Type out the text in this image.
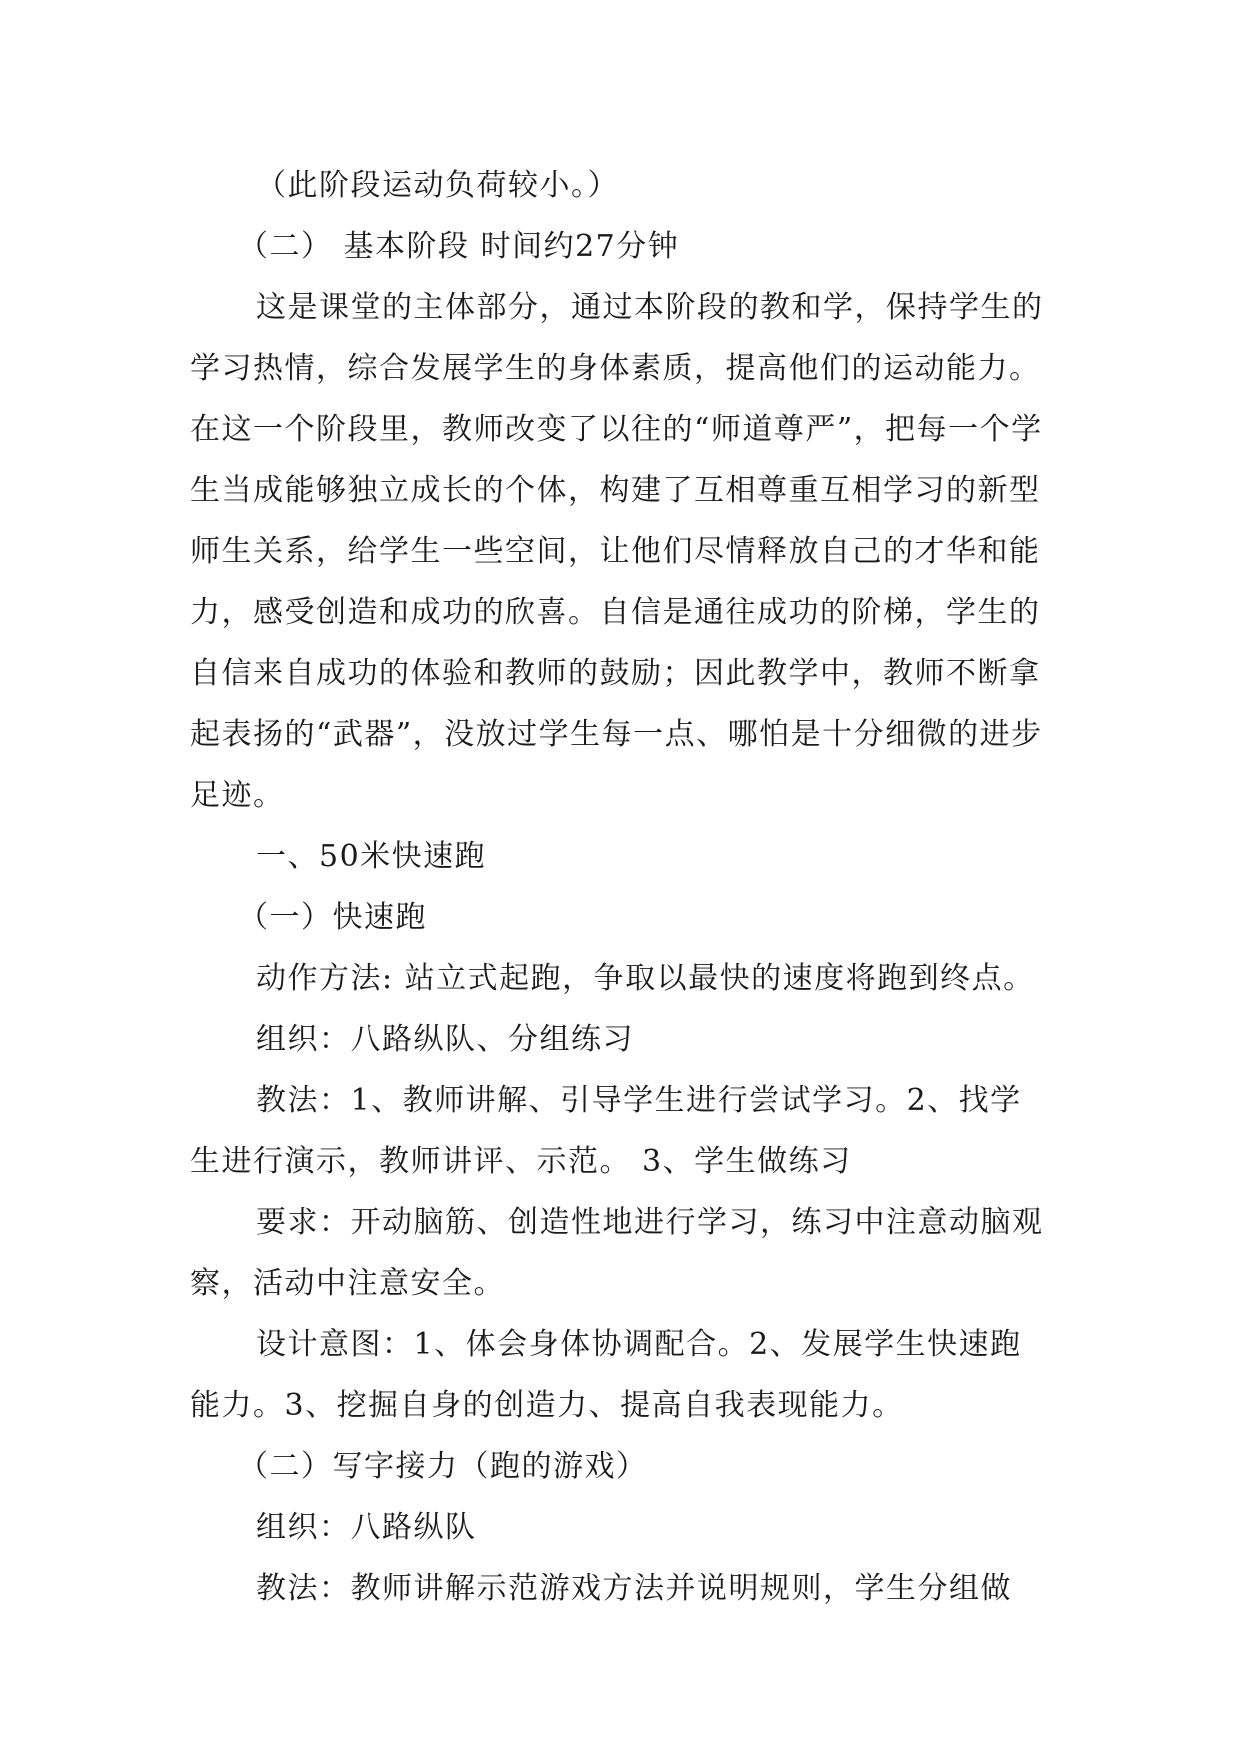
（此阶段运动负荷较小。）

（二） 基本阶段 时间约27分钟

这是课堂的主体部分，通过本阶段的教和学，保持学生的学习热情，综合发展学生的身体素质，提高他们的运动能力。在这一个阶段里，教师改变了以往的“师道尊严”，把每一个学生当成能够独立成长的个体，构建了互相尊重互相学习的新型师生关系，给学生一些空间，让他们尽情释放自己的才华和能力，感受创造和成功的欣喜。自信是通往成功的阶梯，学生的自信来自成功的体验和教师的鼓励；因此教学中，教师不断拿起表扬的“武器”，没放过学生每一点、哪怕是十分细微的进步足迹。

一、50米快速跑

（一）快速跑

动作方法: 站立式起跑，争取以最快的速度将跑到终点。

组织：八路纵队、分组练习

教法：1、教师讲解、引导学生进行尝试学习。2、找学生进行演示，教师讲评、示范。 3、学生做练习

要求：开动脑筋、创造性地进行学习，练习中注意动脑观察，活动中注意安全。

设计意图：1、体会身体协调配合。2、发展学生快速跑能力。3、挖掘自身的创造力、提高自我表现能力。

（二）写字接力（跑的游戏）

组织：八路纵队

教法：教师讲解示范游戏方法并说明规则，学生分组做
